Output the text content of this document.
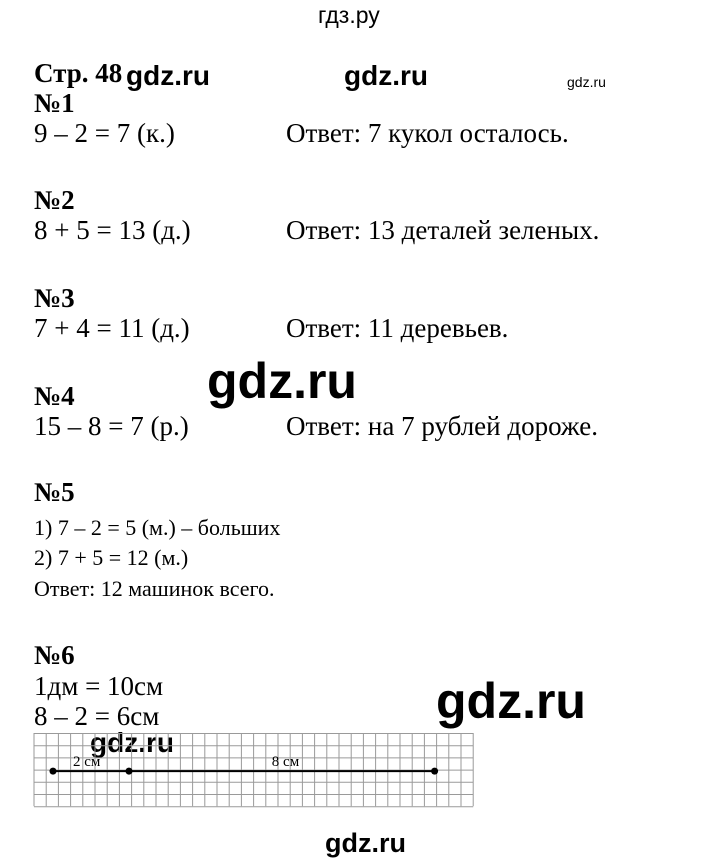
гдз.ру
Стр. 48 gdz.ru	gdz.ru	gdz.ru
gdz.ru
gdz.ru
gdz.ru
gdz.ru
№1
9 – 2 = 7 (к.)	Ответ: 7 кукол осталось.
№2
8 + 5 = 13 (д.)	Ответ: 13 деталей зеленых.
№3
7 + 4 = 11 (д.)	Ответ: 11 деревьев.
№4
15 – 8 = 7 (р.)	Ответ: на 7 рублей дороже.
№5
1) 7 – 2 = 5 (м.) – больших
2) 7 + 5 = 12 (м.)
Ответ: 12 машинок всего.
№6
1дм = 10см
8 – 2 = 6см
2 см	8 см
